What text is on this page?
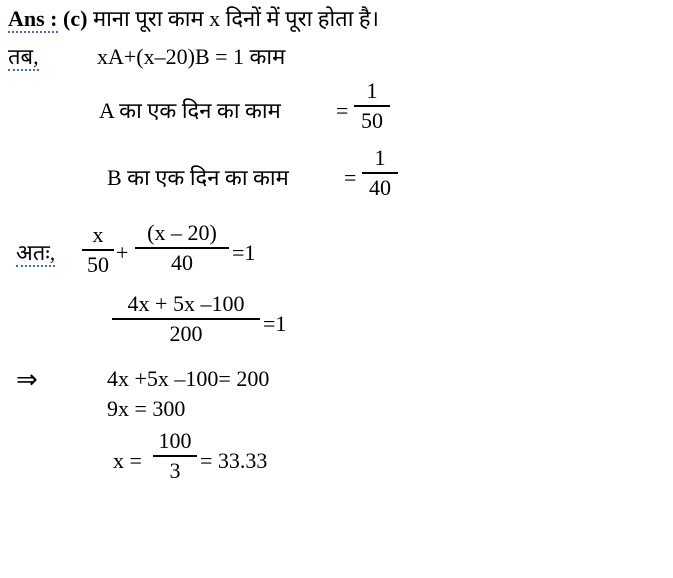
Ans : (c) माना पूरा काम x दिनों में पूरा होता है।
तब,	xA+(x–20)B = 1 काम
A का एक दिन का काम	=
1
50
B का एक दिन का काम	=
1
40
अतः,
x
50 +
(x – 20)
40	=1
4x + 5x –100
200	=1
⇒	4x +5x –100= 200
9x = 300
x =
100
3 = 33.33
